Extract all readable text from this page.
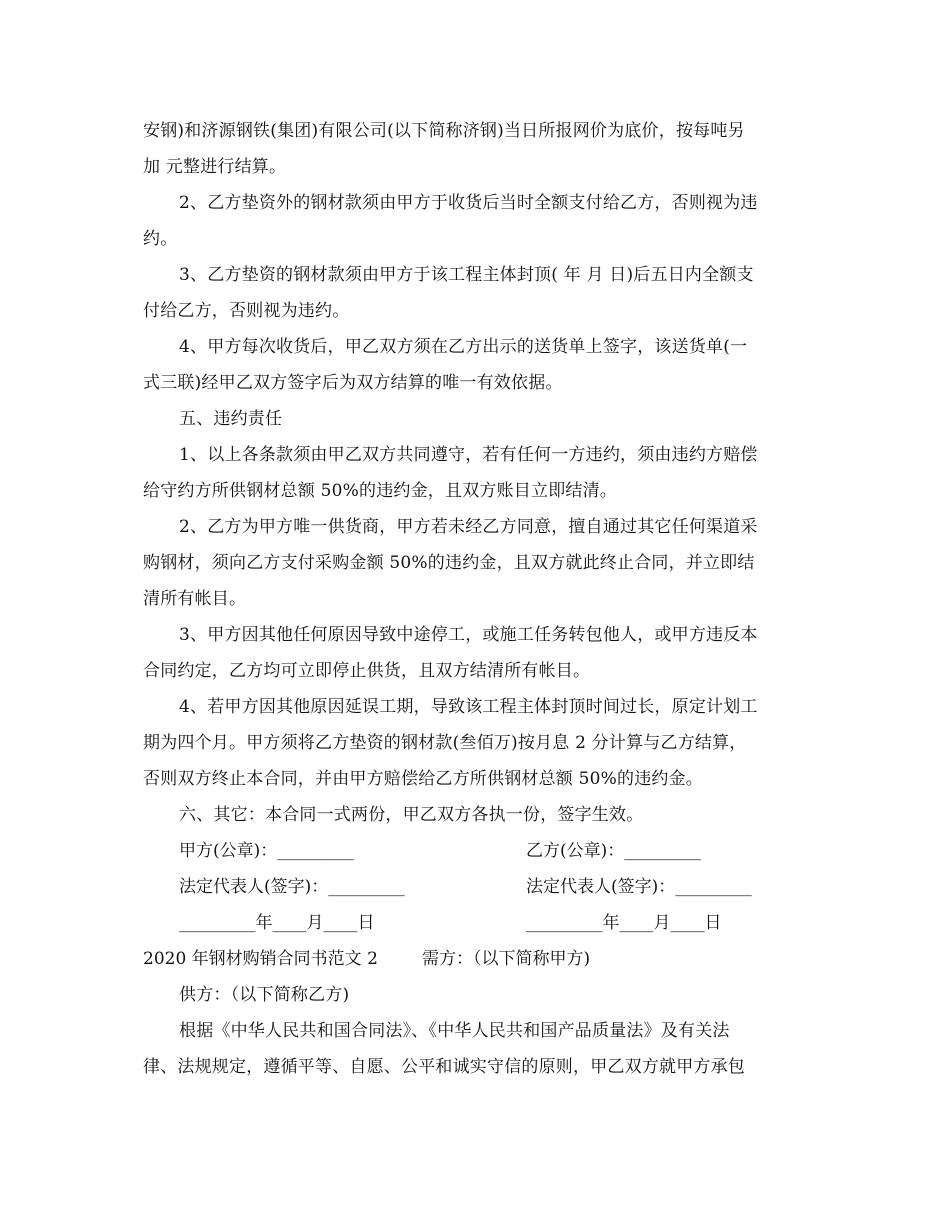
安钢)和济源钢铁(集团)有限公司(以下简称济钢)当日所报网价为底价，按每吨另
加 元整进行结算。
2、乙方垫资外的钢材款须由甲方于收货后当时全额支付给乙方，否则视为违
约。
3、乙方垫资的钢材款须由甲方于该工程主体封顶( 年 月 日)后五日内全额支
付给乙方，否则视为违约。
4、甲方每次收货后，甲乙双方须在乙方出示的送货单上签字，该送货单(一
式三联)经甲乙双方签字后为双方结算的唯一有效依据。
五、违约责任
1、以上各条款须由甲乙双方共同遵守，若有任何一方违约，须由违约方赔偿
给守约方所供钢材总额 50%的违约金，且双方账目立即结清。
2、乙方为甲方唯一供货商，甲方若未经乙方同意，擅自通过其它任何渠道采
购钢材，须向乙方支付采购金额 50%的违约金，且双方就此终止合同，并立即结
清所有帐目。
3、甲方因其他任何原因导致中途停工，或施工任务转包他人，或甲方违反本
合同约定，乙方均可立即停止供货，且双方结清所有帐目。
4、若甲方因其他原因延误工期，导致该工程主体封顶时间过长，原定计划工
期为四个月。甲方须将乙方垫资的钢材款(叁佰万)按月息 2 分计算与乙方结算，
否则双方终止本合同，并由甲方赔偿给乙方所供钢材总额 50%的违约金。
六、其它：本合同一式两份，甲乙双方各执一份，签字生效。
甲方(公章)：_________	乙方(公章)：_________
法定代表人(签字)：_________	法定代表人(签字)：_________
_________年____月____日	_________年____月____日
2020 年钢材购销合同书范文 2	需方：（以下简称甲方)
供方：（以下简称乙方)
根据《中华人民共和国合同法》、《中华人民共和国产品质量法》及有关法
律、法规规定，遵循平等、自愿、公平和诚实守信的原则，甲乙双方就甲方承包
